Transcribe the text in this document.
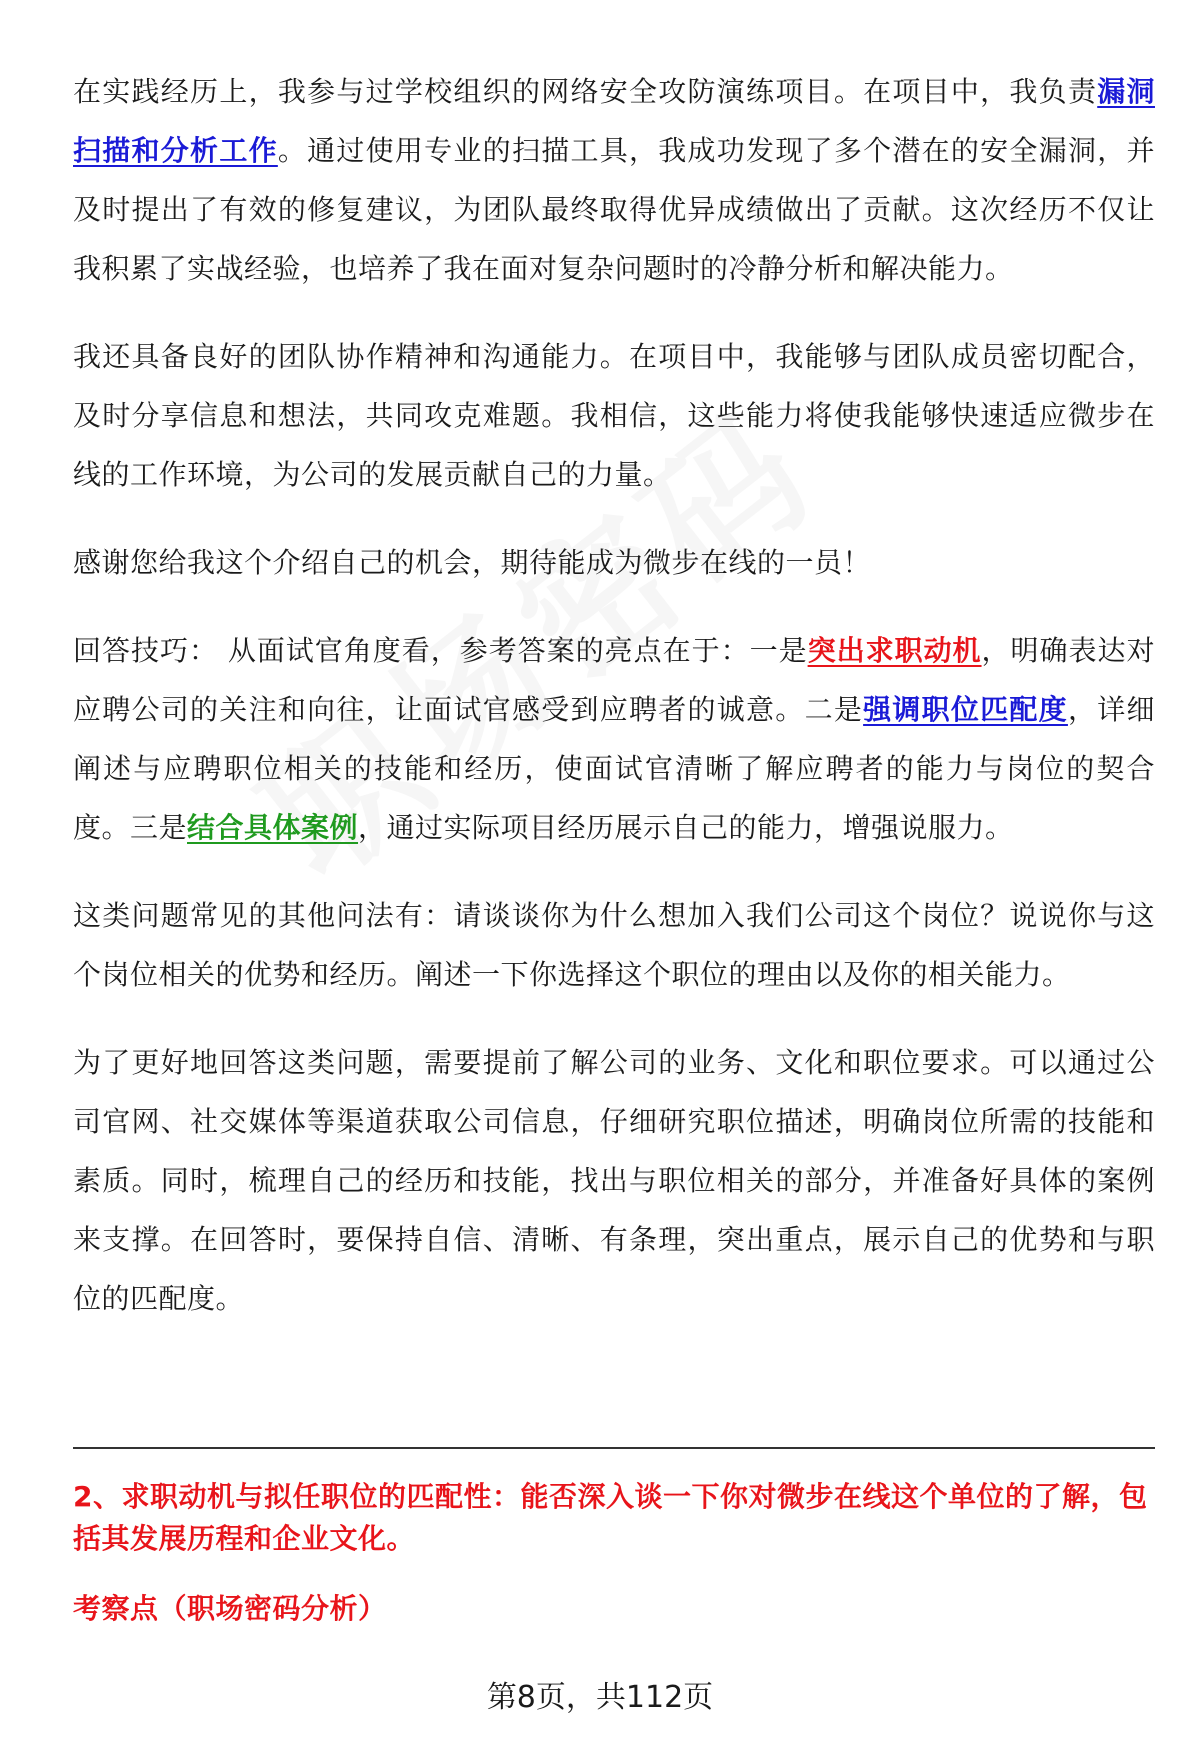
在实践经历上，我参与过学校组织的网络安全攻防演练项目。在项目中，我负责漏洞扫描和分析工作。通过使用专业的扫描工具，我成功发现了多个潜在的安全漏洞，并及时提出了有效的修复建议，为团队最终取得优异成绩做出了贡献。这次经历不仅让我积累了实战经验，也培养了我在面对复杂问题时的冷静分析和解决能力。

我还具备良好的团队协作精神和沟通能力。在项目中，我能够与团队成员密切配合，及时分享信息和想法，共同攻克难题。我相信，这些能力将使我能够快速适应微步在线的工作环境，为公司的发展贡献自己的力量。

感谢您给我这个介绍自己的机会，期待能成为微步在线的一员！

回答技巧： 从面试官角度看，参考答案的亮点在于：一是突出求职动机，明确表达对应聘公司的关注和向往，让面试官感受到应聘者的诚意。二是强调职位匹配度，详细阐述与应聘职位相关的技能和经历，使面试官清晰了解应聘者的能力与岗位的契合度。三是结合具体案例，通过实际项目经历展示自己的能力，增强说服力。

这类问题常见的其他问法有：请谈谈你为什么想加入我们公司这个岗位？说说你与这个岗位相关的优势和经历。阐述一下你选择这个职位的理由以及你的相关能力。

为了更好地回答这类问题，需要提前了解公司的业务、文化和职位要求。可以通过公司官网、社交媒体等渠道获取公司信息，仔细研究职位描述，明确岗位所需的技能和素质。同时，梳理自己的经历和技能，找出与职位相关的部分，并准备好具体的案例来支撑。在回答时，要保持自信、清晰、有条理，突出重点，展示自己的优势和与职位的匹配度。

2、求职动机与拟任职位的匹配性：能否深入谈一下你对微步在线这个单位的了解，包括其发展历程和企业文化。
考察点（职场密码分析）
第8页，共112页
